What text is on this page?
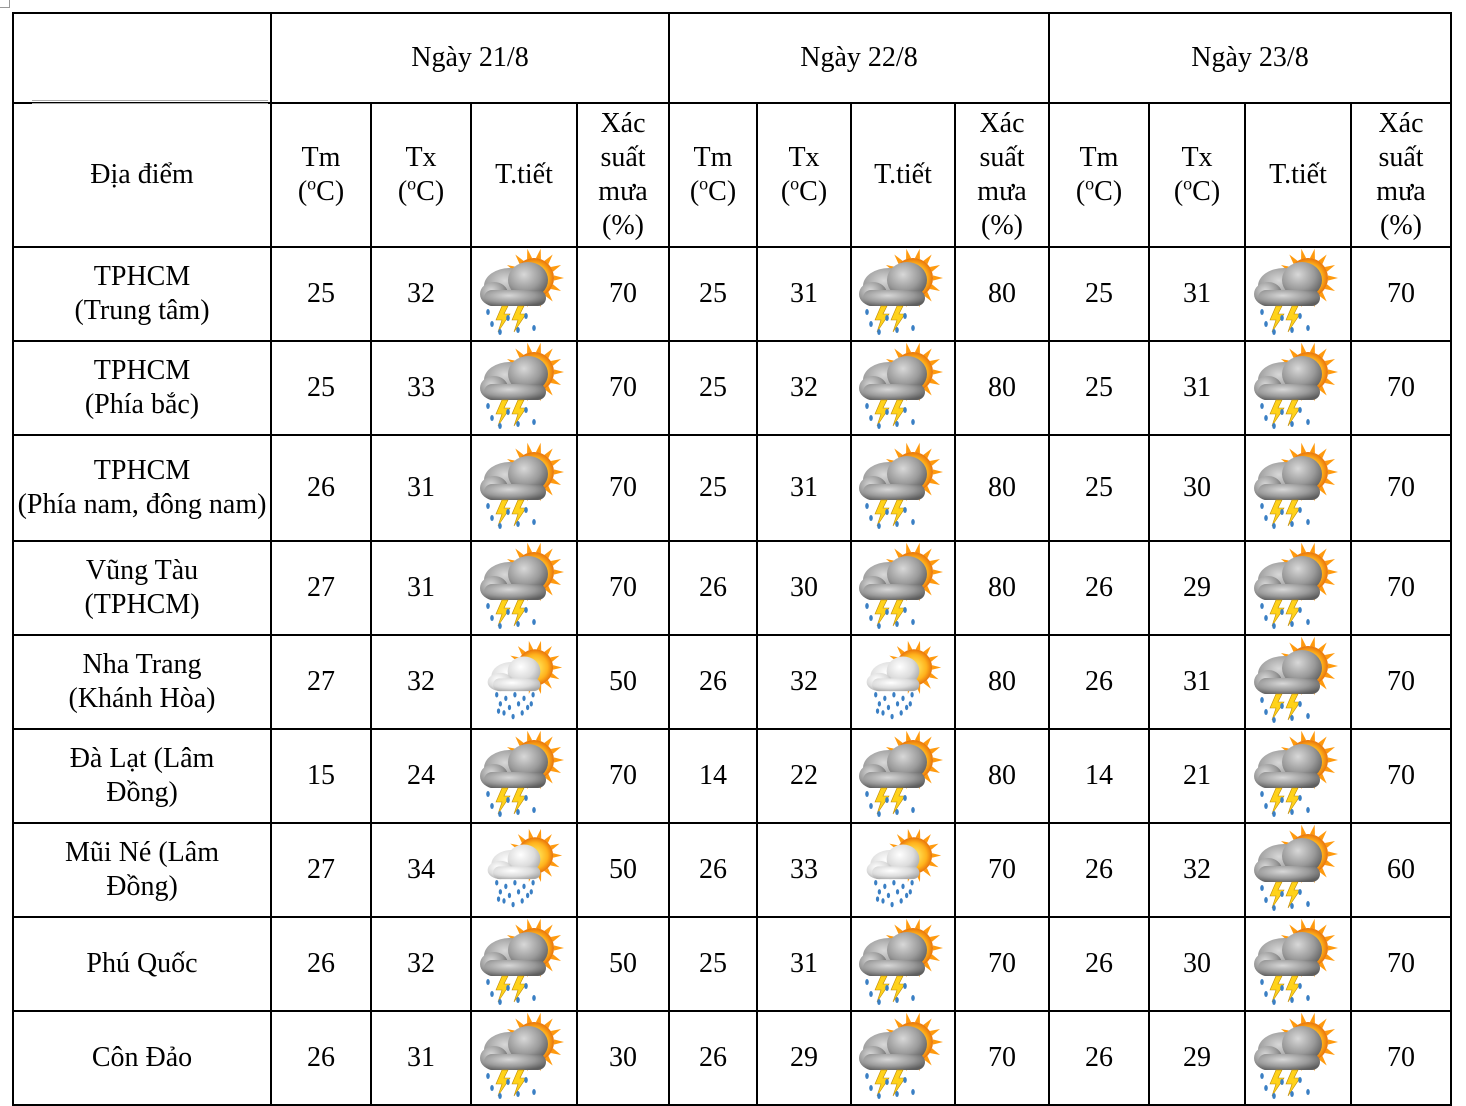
	Ngày 21/8				Ngày 22/8				Ngày 23/8			
Địa điểm	Tm
($^o$C)	Tx
($^o$C)	T.tiết	Xác
suất
mưa
(%)	Tm
($^o$C)	Tx
($^o$C)	T.tiết	Xác
suất
mưa
(%)	Tm
($^o$C)	Tx
($^o$C)	T.tiết	Xác
suất
mưa
(%)
TPHCM
(Trung tâm)	25	32		70	25	31		80	25	31		70
TPHCM
(Phía bắc)	25	33		70	25	32		80	25	31		70
TPHCM
(Phía nam, đông nam)	26	31		70	25	31		80	25	30		70
Vũng Tàu
(TPHCM)	27	31		70	26	30		80	26	29		70
Nha Trang
(Khánh Hòa)	27	32		50	26	32		80	26	31		70
Đà Lạt (Lâm
Đồng)	15	24		70	14	22		80	14	21		70
Mũi Né (Lâm
Đồng)	27	34		50	26	33		70	26	32		60
Phú Quốc	26	32		50	25	31		70	26	30		70
Côn Đảo	26	31		30	26	29		70	26	29		70
